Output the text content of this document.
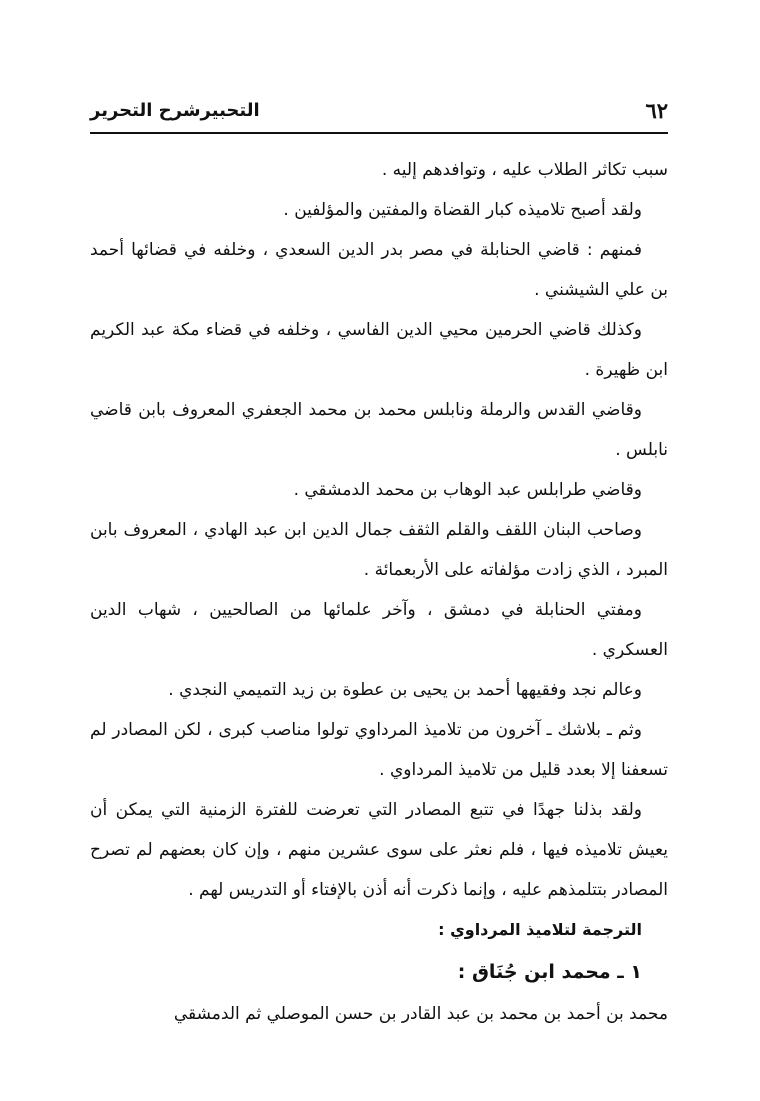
٦٢
التحبيرشرح التحرير

سبب تكاثر الطلاب عليه ، وتوافدهم إليه .

ولقد أصبح تلاميذه كبار القضاة والمفتين والمؤلفين .

فمنهم : قاضي الحنابلة في مصر بدر الدين السعدي ، وخلفه في قضائها أحمد بن علي الشيشني .

وكذلك قاضي الحرمين محيي الدين الفاسي ، وخلفه في قضاء مكة عبد الكريم ابن ظهيرة .

وقاضي القدس والرملة ونابلس محمد بن محمد الجعفري المعروف بابن قاضي نابلس .

وقاضي طرابلس عبد الوهاب بن محمد الدمشقي .

وصاحب البنان اللقف والقلم الثقف جمال الدين ابن عبد الهادي ، المعروف بابن المبرد ، الذي زادت مؤلفاته على الأربعمائة .

ومفتي الحنابلة في دمشق ، وآخر علمائها من الصالحيين ، شهاب الدين العسكري .

وعالم نجد وفقيهها أحمد بن يحيى بن عطوة بن زيد التميمي النجدي .

وثم ـ بلاشك ـ آخرون من تلاميذ المرداوي تولوا مناصب كبرى ، لكن المصادر لم تسعفنا إلا بعدد قليل من تلاميذ المرداوي .

ولقد بذلنا جهدًا في تتبع المصادر التي تعرضت للفترة الزمنية التي يمكن أن يعيش تلاميذه فيها ، فلم نعثر على سوى عشرين منهم ، وإن كان بعضهم لم تصرح المصادر بتتلمذهم عليه ، وإنما ذكرت أنه أذن بالإفتاء أو التدريس لهم .

الترجمة لتلاميذ المرداوي :

١ ـ محمد ابن جُنَاق :

محمد بن أحمد بن محمد بن عبد القادر بن حسن الموصلي ثم الدمشقي
